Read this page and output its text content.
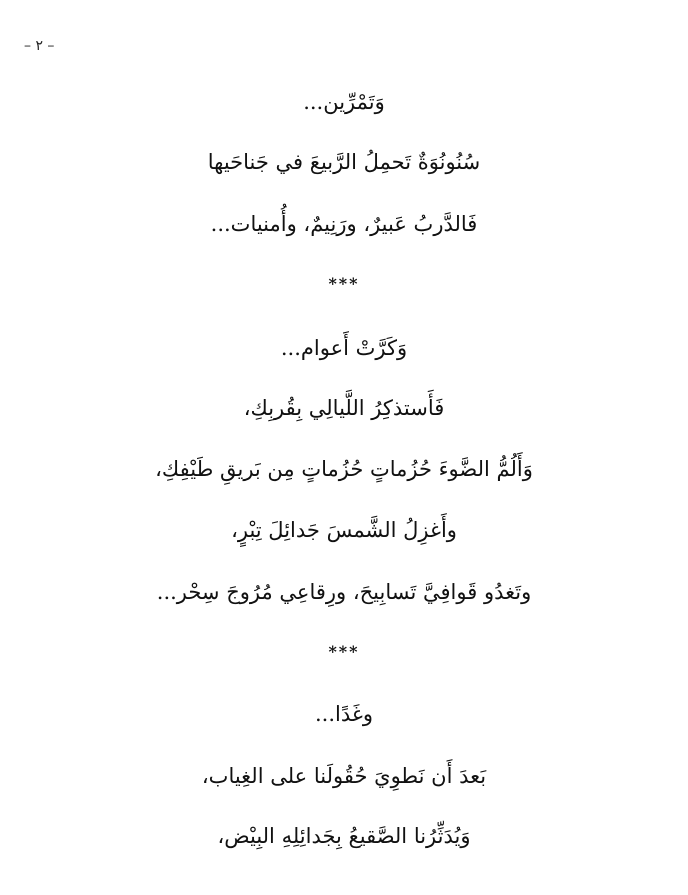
– ٢ –
وَتَمْرِّين...
سُنُونُوَةٌ تَحمِلُ الرَّبيعَ في جَناحَيها
فَالدَّربُ عَبيرٌ، ورَنِيمٌ، وأُمنيات...
***
وَكَرَّتْ أَعوام...
فَأَستذكِرُ اللَّيالِي بِقُربِكِ،
وَأَلُمُّ الضَّوءَ حُزُماتٍ حُزُماتٍ مِن بَريقِ طَيْفِكِ،
وأَغزِلُ الشَّمسَ جَدائِلَ تِبْرٍ،
وتَغدُو قَوافِيَّ تَسابِيحَ، ورِقاعِي مُرُوجَ سِحْر...
***
وغَدًا...
بَعدَ أَن نَطوِيَ حُقُولَنا على الغِياب،
وَيُدَثِّرُنا الصَّقيعُ بِجَدائِلِهِ البِيْض،
